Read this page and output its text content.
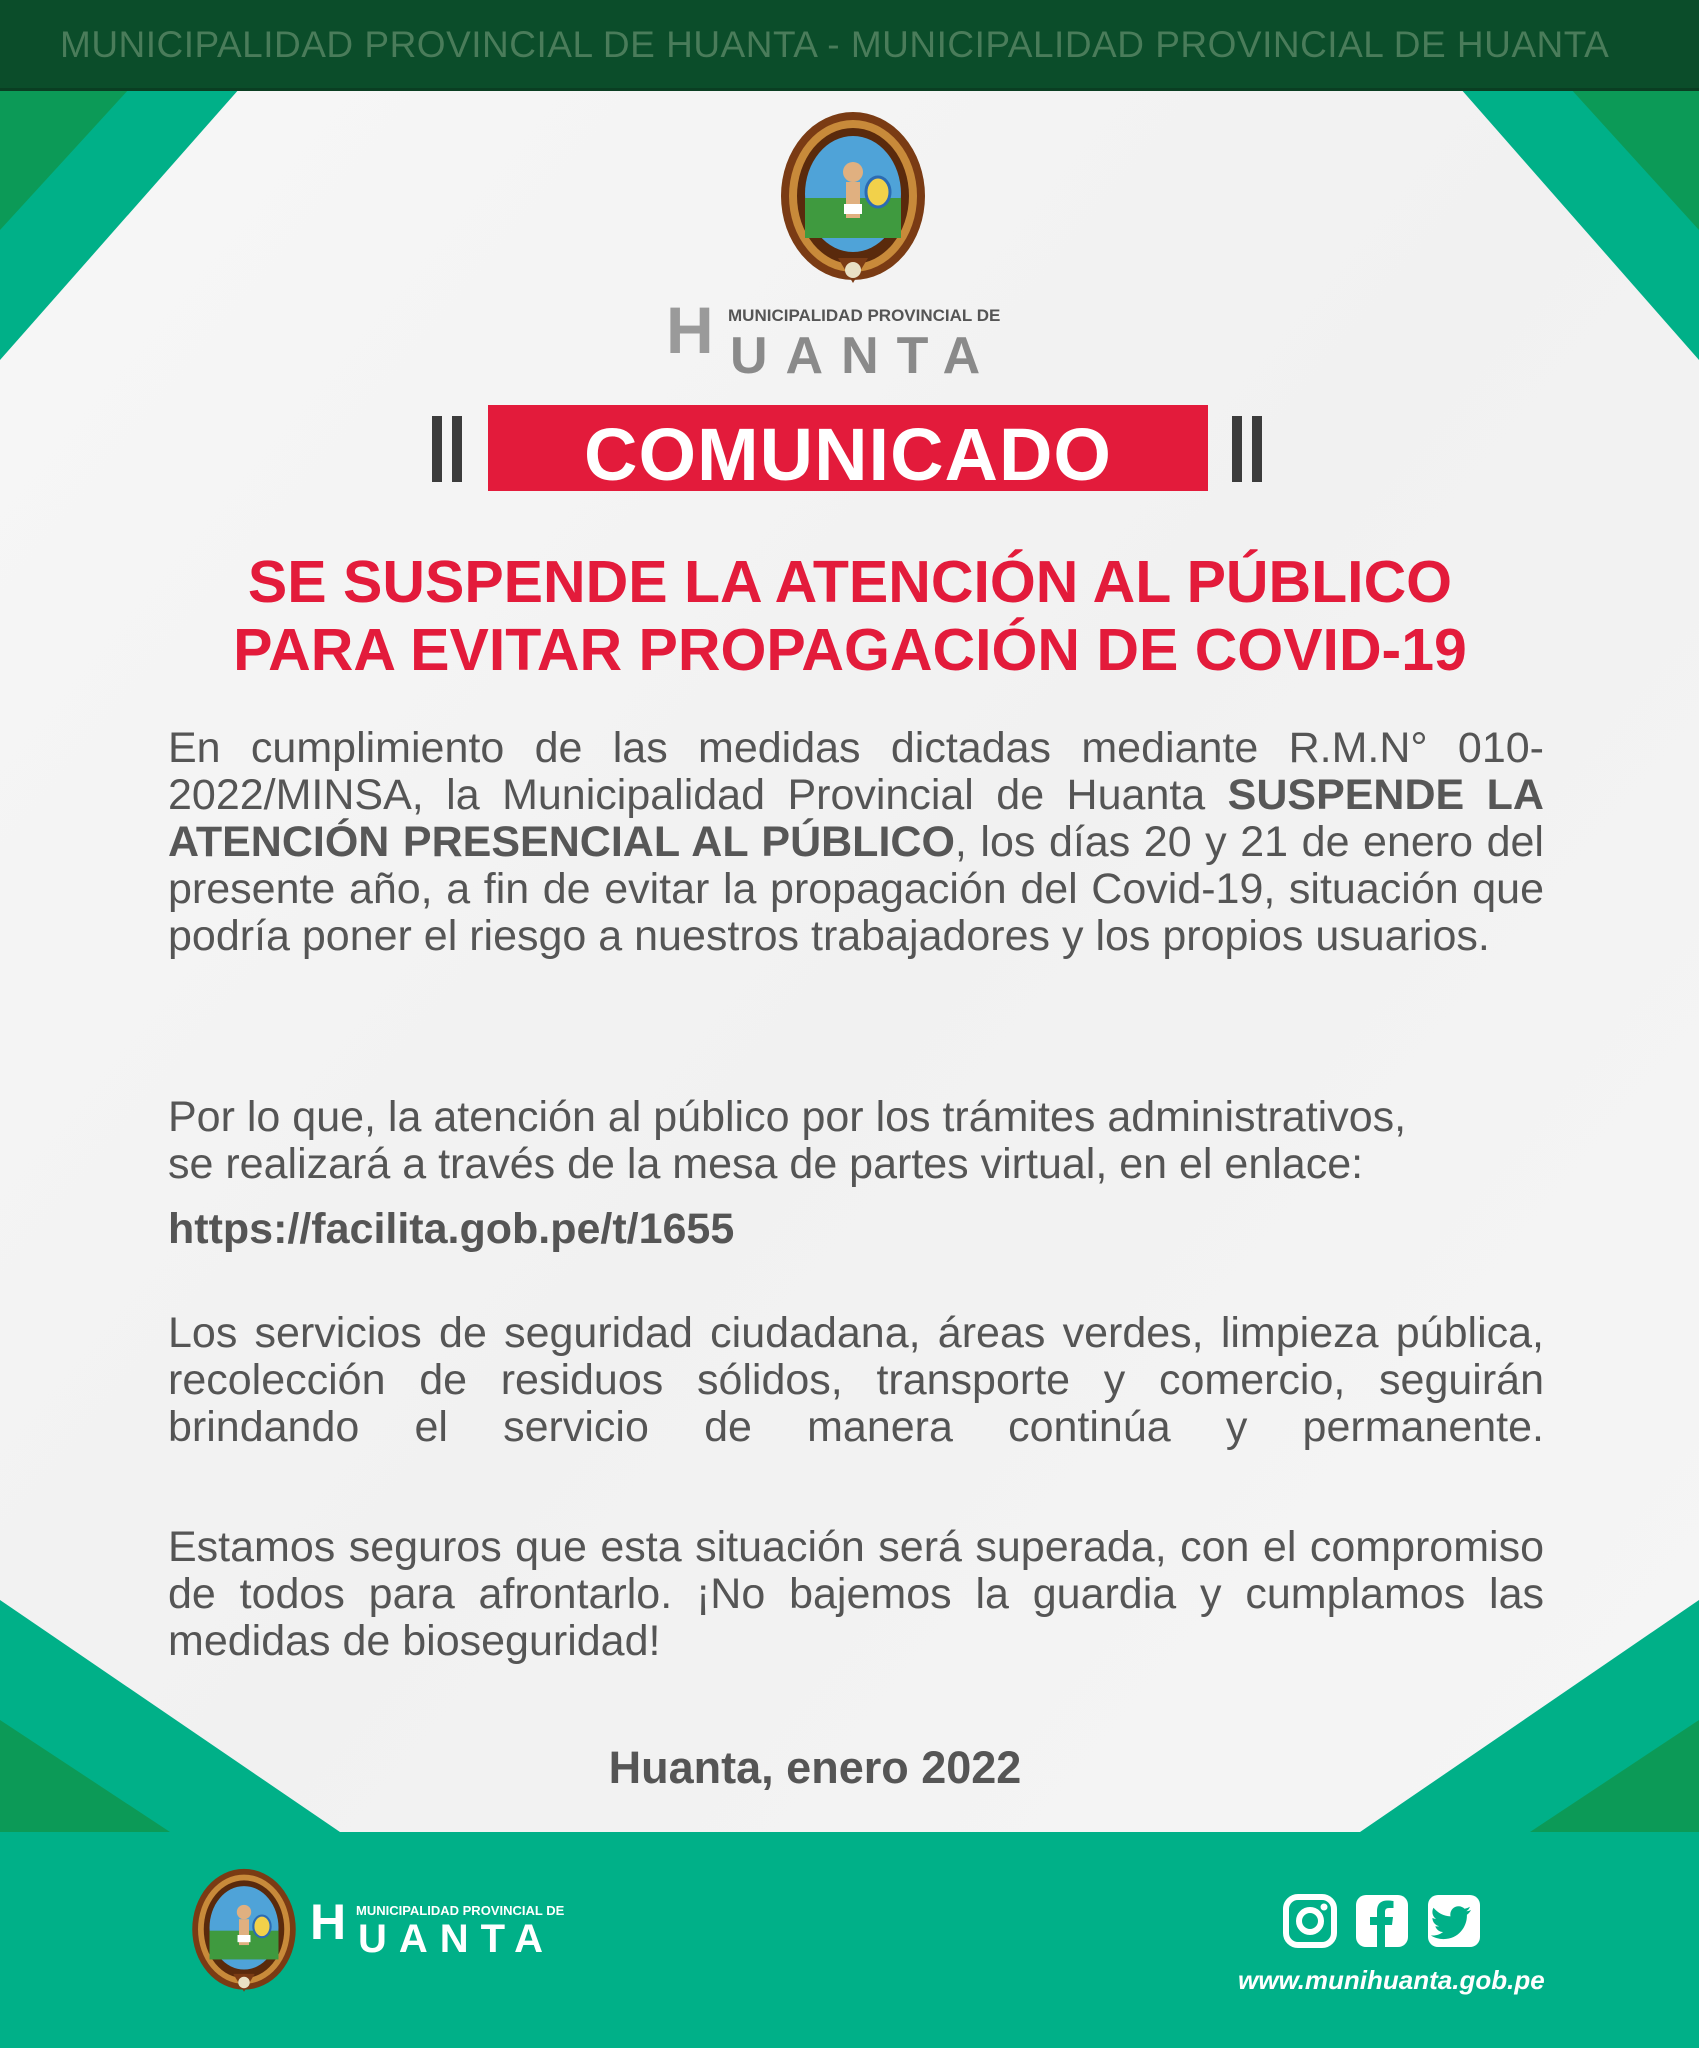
MUNICIPALIDAD PROVINCIAL DE HUANTA - MUNICIPALIDAD PROVINCIAL DE HUANTA
H MUNICIPALIDAD PROVINCIAL DE
UANTA
COMUNICADO
SE SUSPENDE LA ATENCIÓN AL PÚBLICO
PARA EVITAR PROPAGACIÓN DE COVID-19
En cumplimiento de las medidas dictadas mediante R.M.N° 010-2022/MINSA, la Municipalidad Provincial de Huanta SUSPENDE LA ATENCIÓN PRESENCIAL AL PÚBLICO, los días 20 y 21 de enero del presente año, a fin de evitar la propagación del Covid-19, situación que podría poner el riesgo a nuestros trabajadores y los propios usuarios.
Por lo que, la atención al público por los trámites administrativos,
se realizará a través de la mesa de partes virtual, en el enlace:
https://facilita.gob.pe/t/1655
Los servicios de seguridad ciudadana, áreas verdes, limpieza pública, recolección de residuos sólidos, transporte y comercio, seguirán brindando el servicio de manera continúa y permanente.
Estamos seguros que esta situación será superada, con el compromiso de todos para afrontarlo. ¡No bajemos la guardia y cumplamos las medidas de bioseguridad!
Huanta, enero 2022
H MUNICIPALIDAD PROVINCIAL DE
UANTA
www.munihuanta.gob.pe
